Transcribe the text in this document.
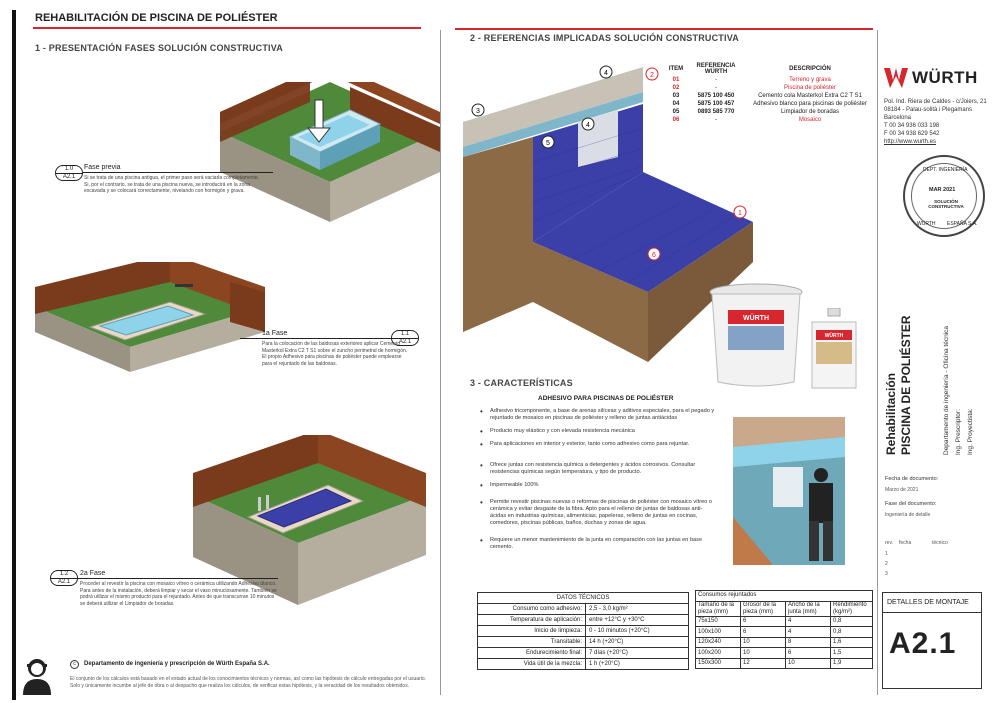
REHABILITACIÓN DE PISCINA DE POLIÉSTER
1 - PRESENTACIÓN FASES SOLUCIÓN CONSTRUCTIVA
1.0
A2.1
Fase previa
Si se trata de una piscina antigua, el primer paso será vaciarla completamente. Si, por el contrario, se trata de una piscina nueva, se introducirá en la zona excavada y se colocará correctamente, nivelando con hormigón y grava.
1.1
A2.1
1a Fase
Para la colocación de las baldosas exteriores aplicar Cemento Masterkol Extra C2 T S1 sobre el zuncho perimetral de hormigón. El propio Adhesivo para piscinas de poliéster puede emplearse para el rejuntado de las baldosas.
1.2
A2.1
2a Fase
Proceder al revestir la piscina con mosaico vítreo o cerámica utilizando Adhesivo blanco. Para antes de la instalación, deberá limpiar y secar el vaso minuciosamente. También se podrá utilizar el mismo producto para el rejuntado. Antes de que transcurran 10 minutos se deberá utilizar el Limpiador de boradas.
c	Departamento de ingeniería y prescripción de Würth España S.A.
El conjunto de los cálculos está basado en el estado actual de los conocimientos técnicos y normas, así como las hipótesis de cálculo entregadas por el usuario. Solo y únicamente incumbe al jefe de obra o al despacho que realiza los cálculos, de verificar estas hipótesis, y la veracidad de los resultados obtenidos.
2 - REFERENCIAS IMPLICADAS SOLUCIÓN CONSTRUCTIVA
2
4
3
5
4
6
1
ITEM	REFERENCIA WÜRTH	DESCRIPCIÓN
01	-	Terreno y grava
02	-	Piscina de poliéster
03	5875 100 450	Cemento cola Masterkol Extra C2 T S1
04	5875 100 457	Adhesivo blanco para piscinas de poliéster
05	0893 585 770	Limpiador de boradas
06	-	Mosaico
WÜRTH
WÜRTH
3 - CARACTERÍSTICAS
ADHESIVO PARA PISCINAS DE POLIÉSTER
• Adhesivo tricomponente, a base de arenas silíceas y aditivos especiales, para el pegado y rejuntado de mosaico en piscinas de poliéster y relleno de juntas antiácidas
• Producto muy elástico y con elevada resistencia mecánica
• Para aplicaciones en interior y exterior, tanto como adhesivo como para rejuntar.
• Ofrece juntas con resistencia química a detergentes y ácidos corrosivos. Consultar resistencias químicas según temperatura, y tipo de producto.
• Impermeable 100%
• Permite revestir piscinas nuevas o reformas de piscinas de poliéster con mosaico vítreo o cerámica y evitar desgaste de la fibra. Apto para el relleno de juntas de baldosas anti-ácidas en industrias químicas, alimenticias, papeleras, relleno de juntas en cocinas, comedores, piscinas públicas, baños, duchas y zonas de agua.
• Requiere un menor mantenimiento de la junta en comparación con las juntas en base cemento.
DATOS TÉCNICOS	
Consumo como adhesivo:	2,5 - 3,0 kg/m²
Temperatura de aplicación:	entre +12°C y +30°C
Inicio de limpieza:	0 - 10 minutos (+20°C)
Transitable:	14 h (+20°C)
Endurecimiento final:	7 días (+20°C)
Vida útil de la mezcla:	1 h (+20°C)
Consumos rejuntados			
Tamaño de la pieza (mm)	Grosor de la pieza (mm)	Ancho de la junta (mm)	Rendimiento (kg/m²)
75x150	6	4	0,8
100x100	6	4	0,8
120x240	10	8	1,6
100x200	10	6	1,5
150x300	12	10	1,9
WÜRTH
Pol. Ind. Riera de Caldes - c/Joiers, 21
08184 - Palau-solità i Plegamans
Barcelona
T 00 34 936 033 198
F 00 34 938 629 542
http://www.wurth.es
DEPT. INGENIERÍA
MAR 2021
SOLUCIÓN CONSTRUCTIVA
WÜRTH ESPAÑA S.A.
Rehabilitación PISCINA DE POLIÉSTER	Departamento de ingeniería - Oficina técnica Ing. Prescriptor: Ing. Proyectista:
Fecha de documento:
Marzo de 2021
Fase del documento:
Ingeniería de detalle
rev. fecha	técnico
1
2
3
DETALLES DE MONTAJE
A2.1
